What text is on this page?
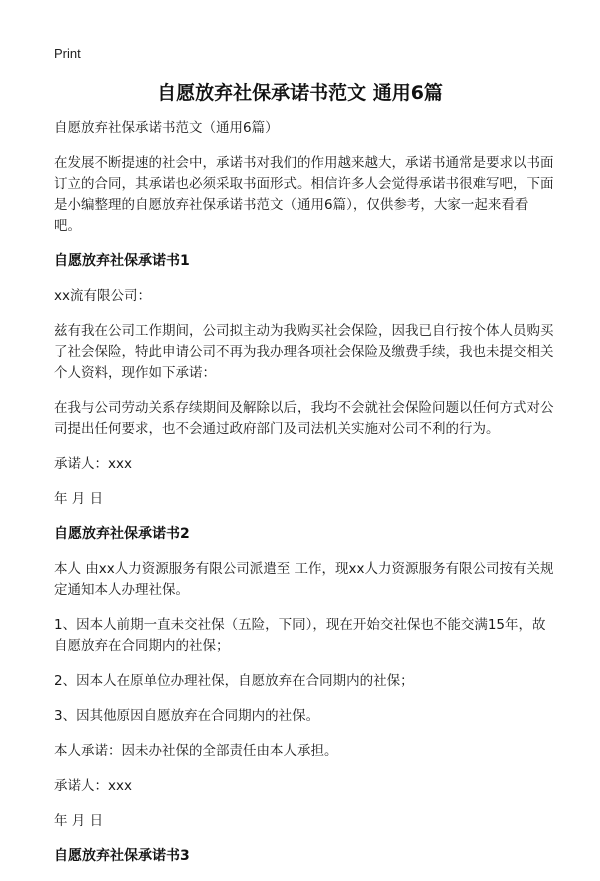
Print
自愿放弃社保承诺书范文 通用6篇

自愿放弃社保承诺书范文（通用6篇）

在发展不断提速的社会中，承诺书对我们的作用越来越大，承诺书通常是要求以书面订立的合同，其承诺也必须采取书面形式。相信许多人会觉得承诺书很难写吧，下面是小编整理的自愿放弃社保承诺书范文（通用6篇），仅供参考，大家一起来看看吧。

自愿放弃社保承诺书1

xx流有限公司：

兹有我在公司工作期间，公司拟主动为我购买社会保险，因我已自行按个体人员购买了社会保险，特此申请公司不再为我办理各项社会保险及缴费手续，我也未提交相关个人资料，现作如下承诺：

在我与公司劳动关系存续期间及解除以后，我均不会就社会保险问题以任何方式对公司提出任何要求，也不会通过政府部门及司法机关实施对公司不利的行为。

承诺人：xxx

年 月 日

自愿放弃社保承诺书2

本人 由xx人力资源服务有限公司派遣至 工作，现xx人力资源服务有限公司按有关规定通知本人办理社保。

1、因本人前期一直未交社保（五险，下同），现在开始交社保也不能交满15年，故自愿放弃在合同期内的社保；

2、因本人在原单位办理社保，自愿放弃在合同期内的社保；

3、因其他原因自愿放弃在合同期内的社保。

本人承诺：因未办社保的全部责任由本人承担。

承诺人：xxx

年 月 日

自愿放弃社保承诺书3
